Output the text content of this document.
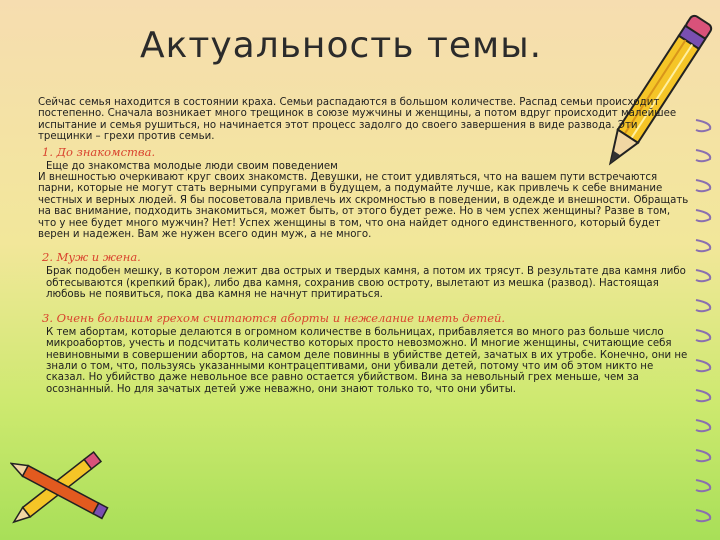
Актуальность темы.

Сейчас семья находится в состоянии краха. Семьи распадаются в большом количестве. Распад семьи происходит постепенно. Сначала возникает много трещинок в союзе мужчины и женщины, а потом вдруг происходит малейшее испытание и семья рушиться, но начинается этот процесс задолго до своего завершения в виде развода. Эти трещинки – грехи против семьи.

1. До знакомства.

Еще до знакомства молодые люди своим поведением

И внешностью очеркивают круг своих знакомств. Девушки, не стоит удивляться, что на вашем пути встречаются парни, которые не могут стать верными супругами в будущем, а подумайте лучше, как привлечь к себе внимание честных и верных людей. Я бы посоветовала привлечь их скромностью в поведении, в одежде и внешности. Обращать на вас внимание, подходить знакомиться, может быть, от этого будет реже. Но в чем успех женщины? Разве в том, что у нее будет много мужчин? Нет! Успех женщины в том, что она найдет одного единственного, который будет верен и надежен. Вам же нужен всего один муж, а не много.

2. Муж и жена.

Брак подобен мешку, в котором лежит два острых и твердых камня, а потом их трясут. В результате два камня либо обтесываются (крепкий брак), либо два камня, сохранив свою остроту, вылетают из мешка (развод). Настоящая любовь не появиться, пока два камня не начнут притираться.

3. Очень большим грехом считаются аборты и нежелание иметь детей.

К тем абортам, которые делаются в огромном количестве в больницах, прибавляется во много раз больше число микроабортов, учесть и подсчитать количество которых просто невозможно. И многие женщины, считающие себя невиновными в совершении абортов, на самом деле повинны в убийстве детей, зачатых в их утробе. Конечно, они не знали о том, что, пользуясь указанными контрацептивами, они убивали детей, потому что им об этом никто не сказал. Но убийство даже невольное все равно остается убийством. Вина за невольный грех меньше, чем за осознанный. Но для зачатых детей уже неважно, они знают только то, что они убиты.
